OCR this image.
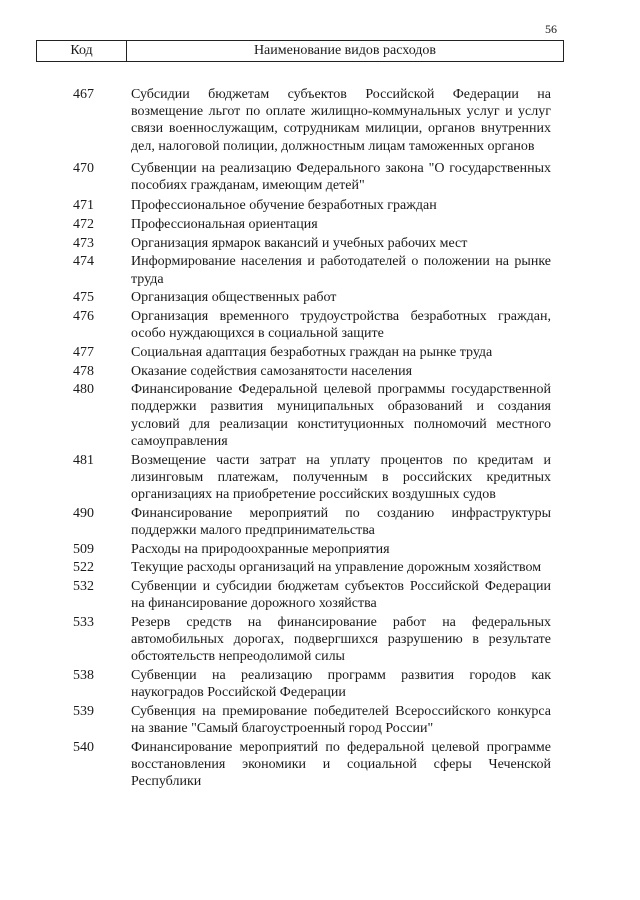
56
Код	Наименование видов расходов
467	Субсидии бюджетам субъектов Российской Федерации на возмещение льгот по оплате жилищно-коммунальных услуг и услуг связи военнослужащим, сотрудникам милиции, органов внутренних дел, налоговой полиции, должностным лицам таможенных органов
470	Субвенции на реализацию Федерального закона "О государственных пособиях гражданам, имеющим детей"
471	Профессиональное обучение безработных граждан
472	Профессиональная ориентация
473	Организация ярмарок вакансий и учебных рабочих мест
474	Информирование населения и работодателей о положении на рынке труда
475	Организация общественных работ
476	Организация временного трудоустройства безработных граждан, особо нуждающихся в социальной защите
477	Социальная адаптация безработных граждан на рынке труда
478	Оказание содействия самозанятости населения
480	Финансирование Федеральной целевой программы государственной поддержки развития муниципальных образований и создания условий для реализации конституционных полномочий местного самоуправления
481	Возмещение части затрат на уплату процентов по кредитам и лизинговым платежам, полученным в российских кредитных организациях на приобретение российских воздушных судов
490	Финансирование мероприятий по созданию инфраструктуры поддержки малого предпринимательства
509	Расходы на природоохранные мероприятия
522	Текущие расходы организаций на управление дорожным хозяйством
532	Субвенции и субсидии бюджетам субъектов Российской Федерации на финансирование дорожного хозяйства
533	Резерв средств на финансирование работ на федеральных автомобильных дорогах, подвергшихся разрушению в результате обстоятельств непреодолимой силы
538	Субвенции на реализацию программ развития городов как наукоградов Российской Федерации
539	Субвенция на премирование победителей Всероссийского конкурса на звание "Самый благоустроенный город России"
540	Финансирование мероприятий по федеральной целевой программе восстановления экономики и социальной сферы Чеченской Республики
